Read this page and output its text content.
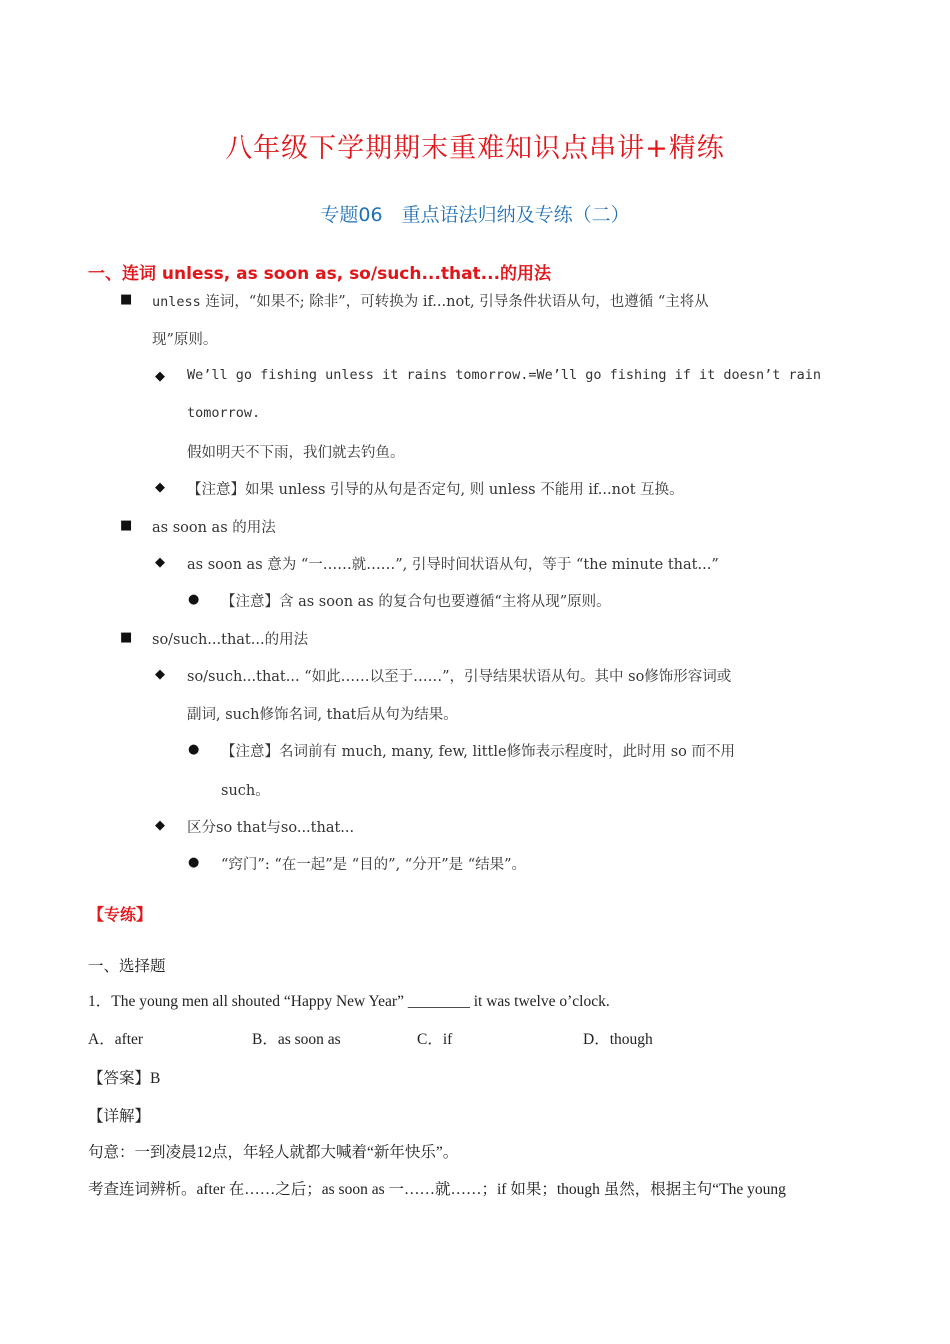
八年级下学期期末重难知识点串讲+精练
专题06　重点语法归纳及专练（二）
一、连词 unless, as soon as, so/such...that...的用法
■ unless 连词，“如果不; 除非”，可转换为 if...not, 引导条件状语从句，也遵循 “主将从
现”原则。
◆ We’ll go fishing unless it rains tomorrow.=We’ll go fishing if it doesn’t rain
tomorrow.
假如明天不下雨，我们就去钓鱼。
◆ 【注意】如果 unless 引导的从句是否定句, 则 unless 不能用 if...not 互换。
■ as soon as 的用法
◆ as soon as 意为 “一……就……”, 引导时间状语从句，等于 “the minute that...”
● 【注意】含 as soon as 的复合句也要遵循“主将从现”原则。
■ so/such...that...的用法
◆ so/such...that... “如此……以至于……”，引导结果状语从句。其中 so修饰形容词或
副词, such修饰名词, that后从句为结果。
● 【注意】名词前有 much, many, few, little修饰表示程度时，此时用 so 而不用
such。
◆ 区分so that与so...that...
● “窍门”: “在一起”是 “目的”, “分开”是 “结果”。
【专练】
一、选择题
1．The young men all shouted “Happy New Year” ________ it was twelve o’clock.
A．after	B．as soon as	C．if	D．though
【答案】B
【详解】
句意：一到凌晨12点，年轻人就都大喊着“新年快乐”。
考查连词辨析。after 在……之后；as soon as 一……就……；if 如果；though 虽然，根据主句“The young
